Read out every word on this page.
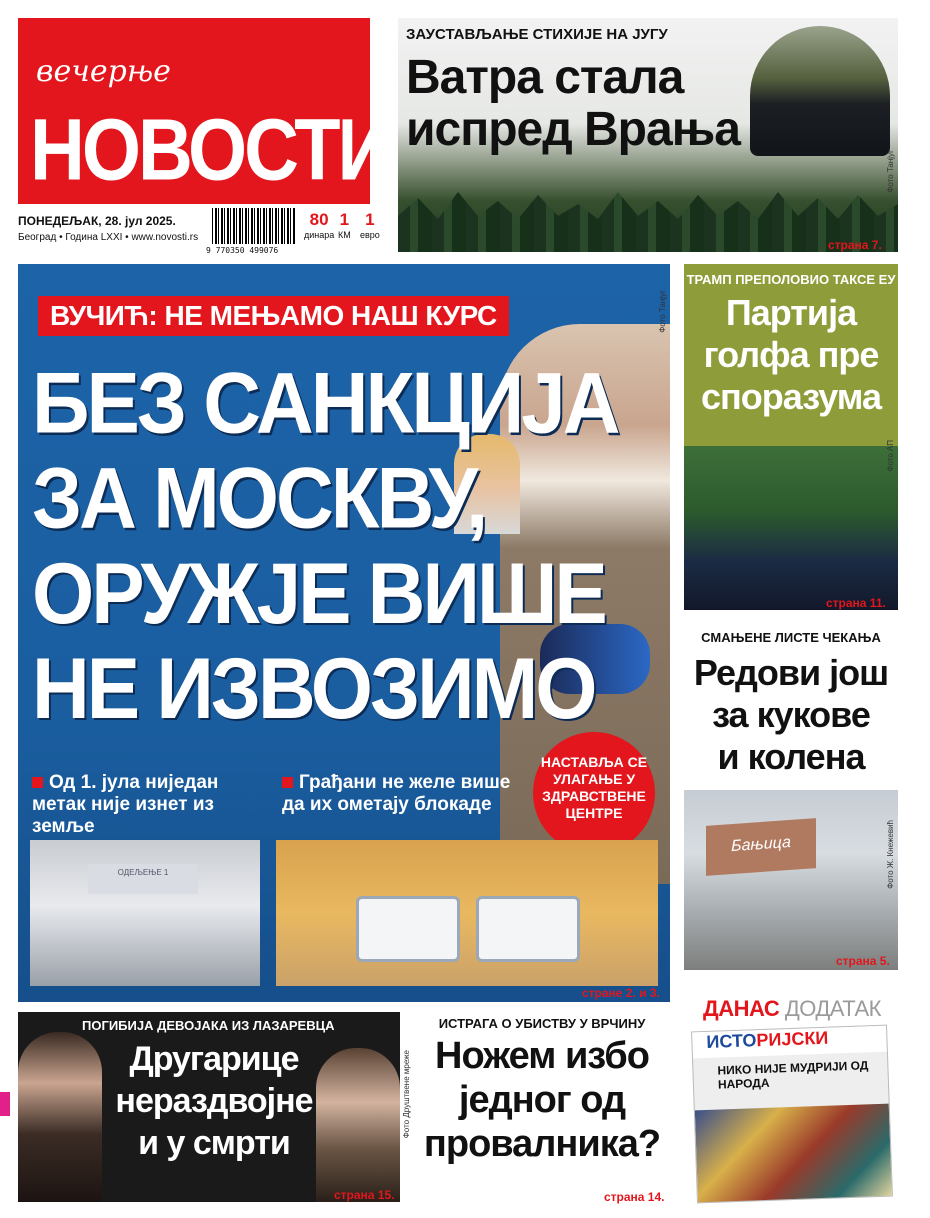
вечерње
НОВОСТИ
ПОНЕДЕЉАК, 28. јул 2025.
Београд • Година LXXI • www.novosti.rs
9 770350 499076
80
динара
1
КМ
1
евро
ЗАУСТАВЉАЊЕ СТИХИЈЕ НА ЈУГУ
Ватра стала
испред Врања
Фото Танјуг
страна 7.
ВУЧИЋ: НЕ МЕЊАМО НАШ КУРС
БЕЗ САНКЦИЈА
ЗА МОСКВУ,
ОРУЖЈЕ ВИШЕ
НЕ ИЗВОЗИМО
Од 1. јула ниједан метак није изнет из земље
Грађани не желе више да их ометају блокаде
НАСТАВЉА СЕ УЛАГАЊЕ У ЗДРАВСТВЕНЕ ЦЕНТРЕ
ОДЕЉЕЊЕ 1
Фото Танјуг
стране 2. и 3.
ТРАМП ПРЕПОЛОВИО ТАКСЕ ЕУ
Партија
голфа пре
споразума
Фото AП
страна 11.
СМАЊЕНЕ ЛИСТЕ ЧЕКАЊА
Редови још
за кукове
и колена
Бањица	Фото Ж. Кнежевић
страна 5.
ПОГИБИЈА ДЕВОЈАКА ИЗ ЛАЗАРЕВЦА
Другарице
нераздвојне
и у смрти
Фото Друштвене мреже
страна 15.
ИСТРАГА О УБИСТВУ У ВРЧИНУ
Ножем избо
једног од
провалника?
страна 14.
ДАНАС ДОДАТАК
ИСТОРИЈСКИ
НИКО НИЈЕ МУДРИЈИ ОД НАРОДА
